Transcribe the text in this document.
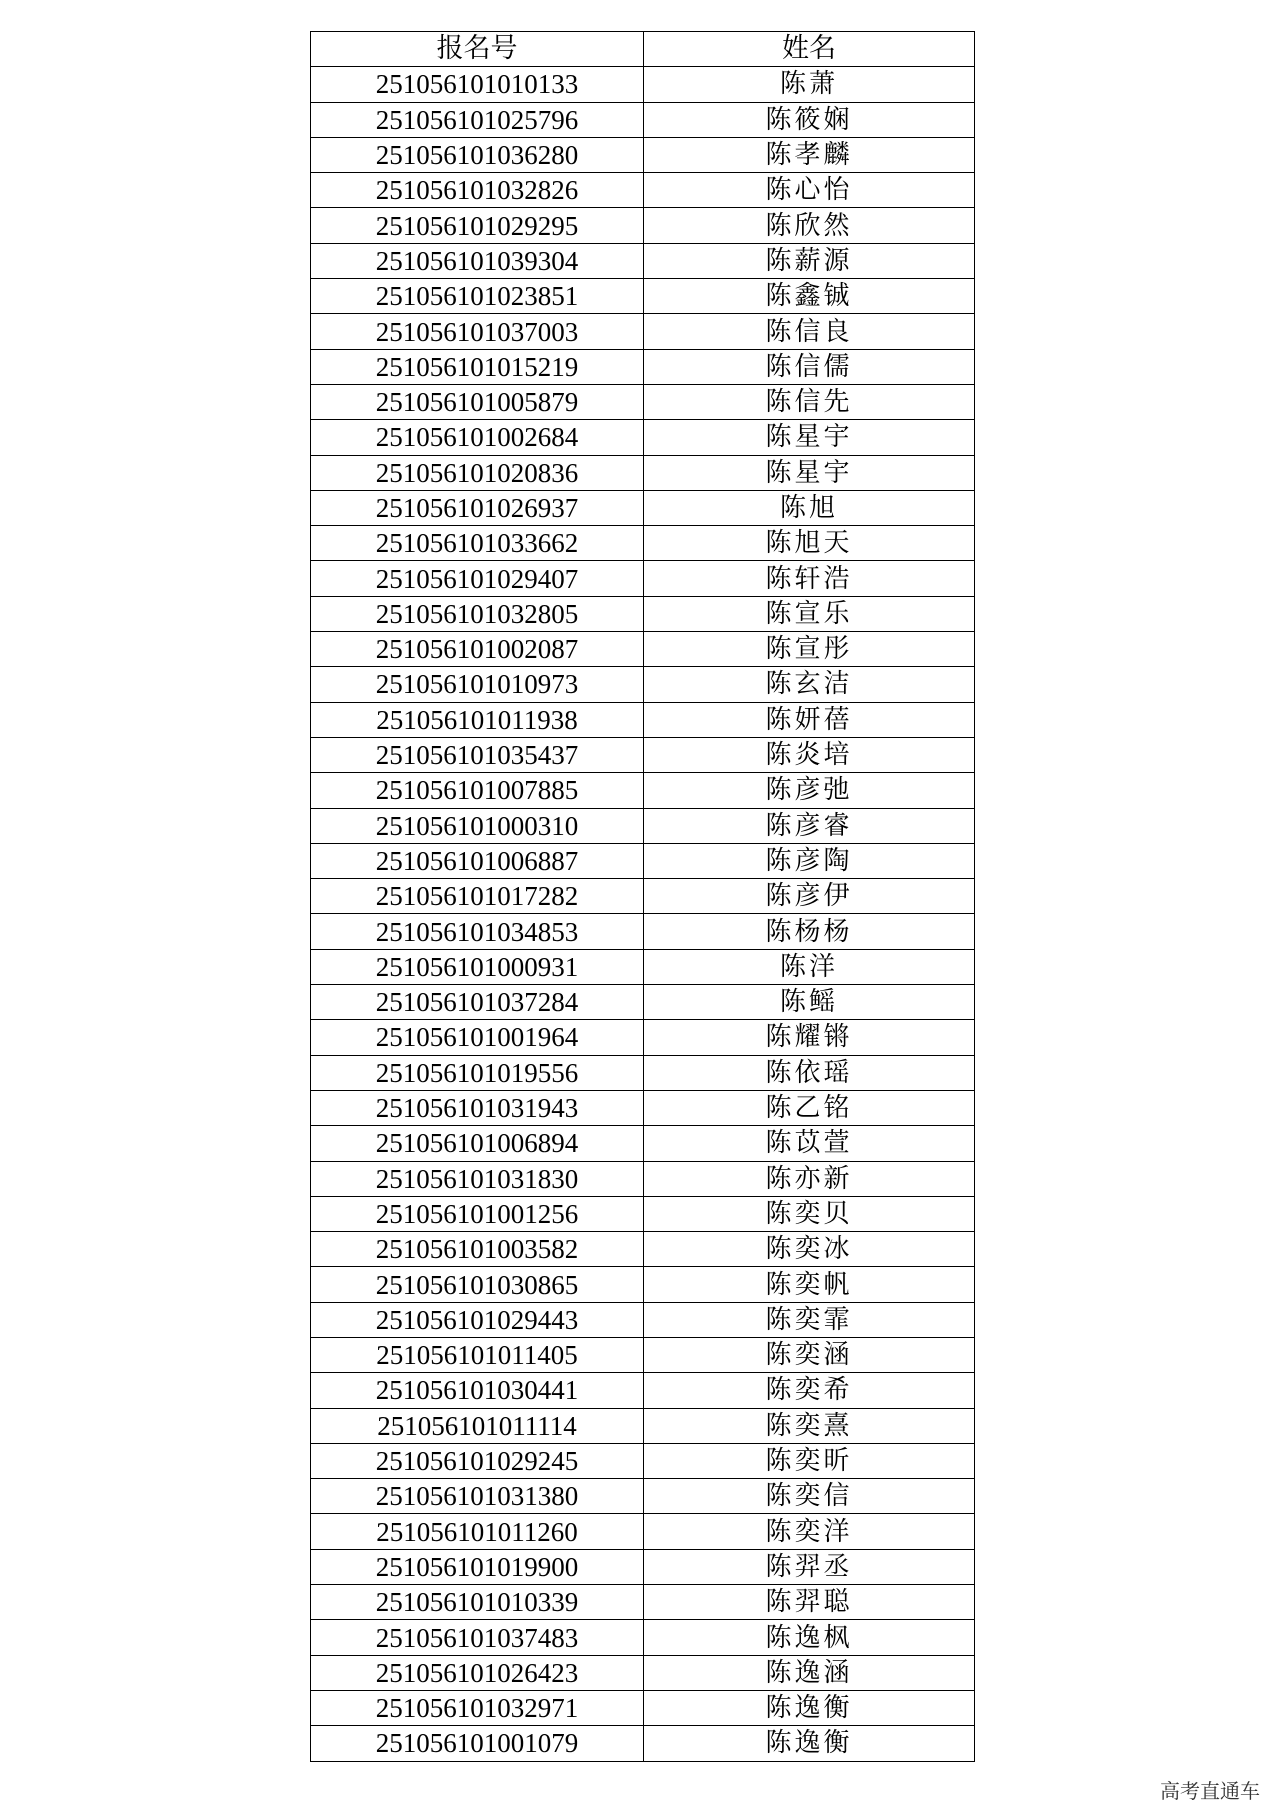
报名号	姓名
251056101010133	陈萧
251056101025796	陈筱娴
251056101036280	陈孝麟
251056101032826	陈心怡
251056101029295	陈欣然
251056101039304	陈薪源
251056101023851	陈鑫铖
251056101037003	陈信良
251056101015219	陈信儒
251056101005879	陈信先
251056101002684	陈星宇
251056101020836	陈星宇
251056101026937	陈旭
251056101033662	陈旭天
251056101029407	陈轩浩
251056101032805	陈宣乐
251056101002087	陈宣彤
251056101010973	陈玄洁
251056101011938	陈妍蓓
251056101035437	陈炎培
251056101007885	陈彦弛
251056101000310	陈彦睿
251056101006887	陈彦陶
251056101017282	陈彦伊
251056101034853	陈杨杨
251056101000931	陈洋
251056101037284	陈鳐
251056101001964	陈耀锵
251056101019556	陈依瑶
251056101031943	陈乙铭
251056101006894	陈苡萱
251056101031830	陈亦新
251056101001256	陈奕贝
251056101003582	陈奕冰
251056101030865	陈奕帆
251056101029443	陈奕霏
251056101011405	陈奕涵
251056101030441	陈奕希
251056101011114	陈奕熹
251056101029245	陈奕昕
251056101031380	陈奕信
251056101011260	陈奕洋
251056101019900	陈羿丞
251056101010339	陈羿聪
251056101037483	陈逸枫
251056101026423	陈逸涵
251056101032971	陈逸衡
251056101001079	陈逸衡
高考直通车
